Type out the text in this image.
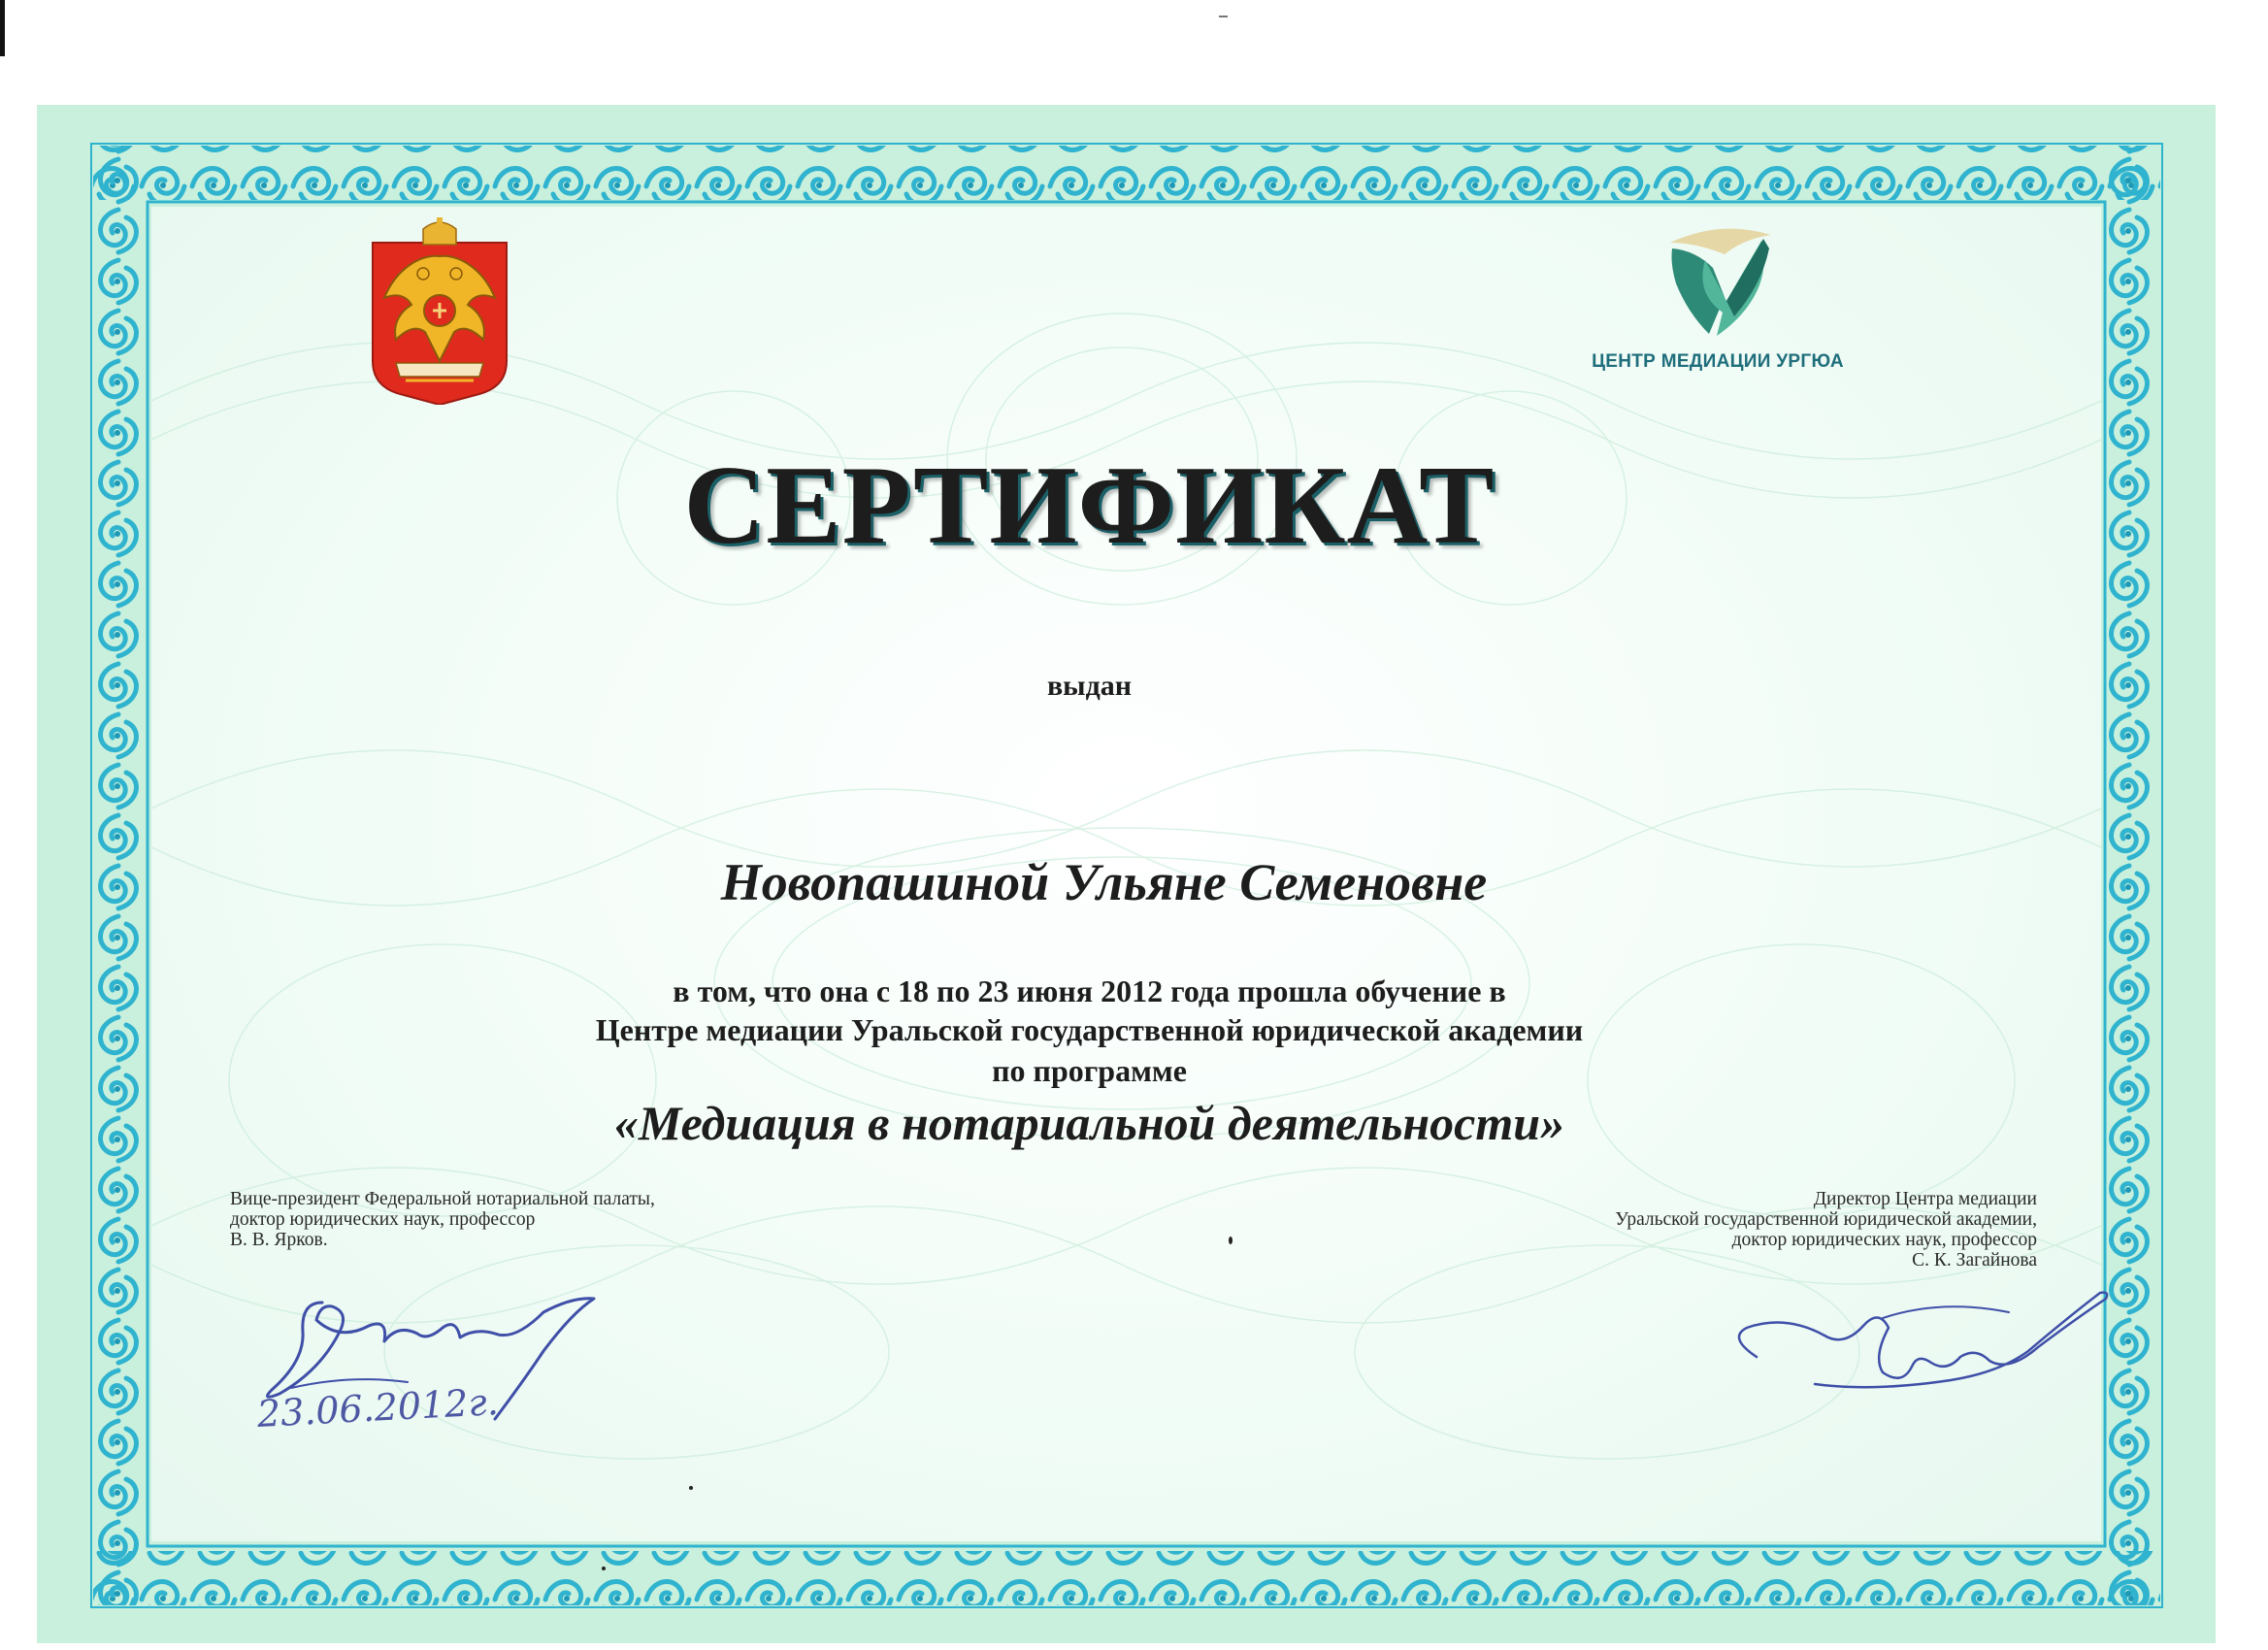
ЦЕНТР МЕДИАЦИИ УРГЮА
СЕРТИФИКАТ
выдан
Новопашиной Ульяне Семеновне
в том, что она с 18 по 23 июня 2012 года прошла обучение в
Центре медиации Уральской государственной юридической академии
по программе
«Медиация в нотариальной деятельности»
Вице-президент Федеральной нотариальной палаты,
доктор юридических наук, профессор
В. В. Ярков.
Директор Центра медиации
Уральской государственной юридической академии,
доктор юридических наук, профессор
С. К. Загайнова
23.06.2012г.
